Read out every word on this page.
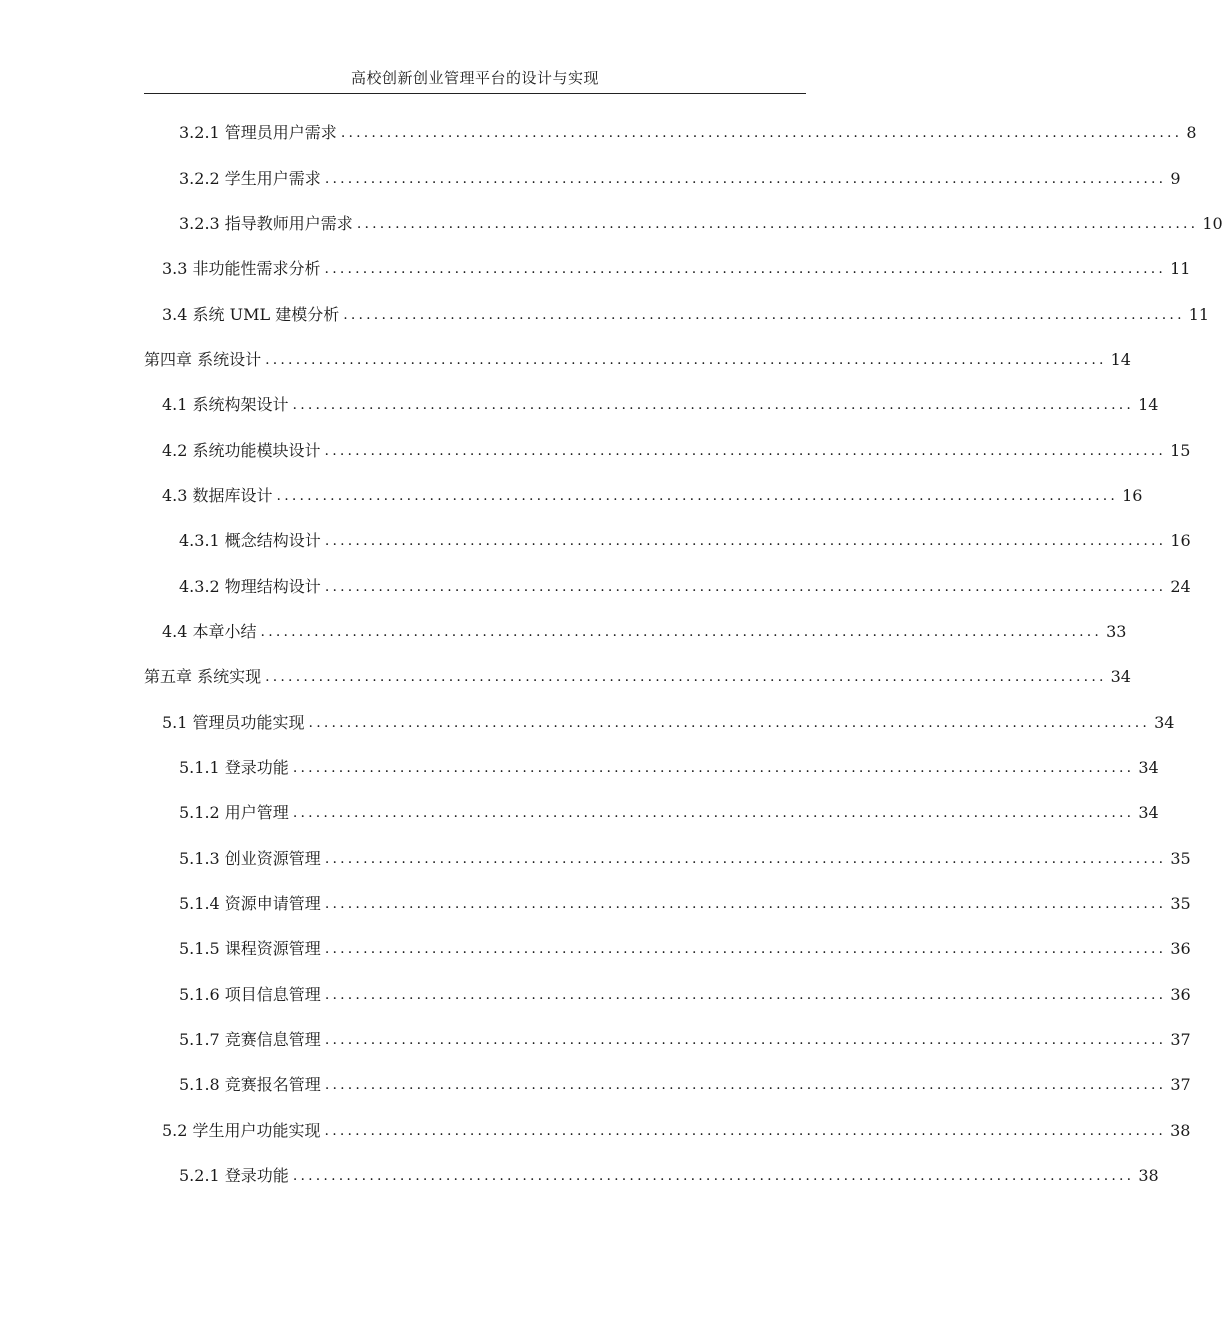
高校创新创业管理平台的设计与实现
3.2.1 管理员用户需求 .............................................................................................................. 8
3.2.2 学生用户需求 .............................................................................................................. 9
3.2.3 指导教师用户需求 .............................................................................................................. 10
3.3 非功能性需求分析 .............................................................................................................. 11
3.4 系统 UML 建模分析 .............................................................................................................. 11
第四章 系统设计 .............................................................................................................. 14
4.1 系统构架设计 .............................................................................................................. 14
4.2 系统功能模块设计 .............................................................................................................. 15
4.3 数据库设计 .............................................................................................................. 16
4.3.1 概念结构设计 .............................................................................................................. 16
4.3.2 物理结构设计 .............................................................................................................. 24
4.4 本章小结 .............................................................................................................. 33
第五章 系统实现 .............................................................................................................. 34
5.1 管理员功能实现 .............................................................................................................. 34
5.1.1 登录功能 .............................................................................................................. 34
5.1.2 用户管理 .............................................................................................................. 34
5.1.3 创业资源管理 .............................................................................................................. 35
5.1.4 资源申请管理 .............................................................................................................. 35
5.1.5 课程资源管理 .............................................................................................................. 36
5.1.6 项目信息管理 .............................................................................................................. 36
5.1.7 竞赛信息管理 .............................................................................................................. 37
5.1.8 竞赛报名管理 .............................................................................................................. 37
5.2 学生用户功能实现 .............................................................................................................. 38
5.2.1 登录功能 .............................................................................................................. 38
